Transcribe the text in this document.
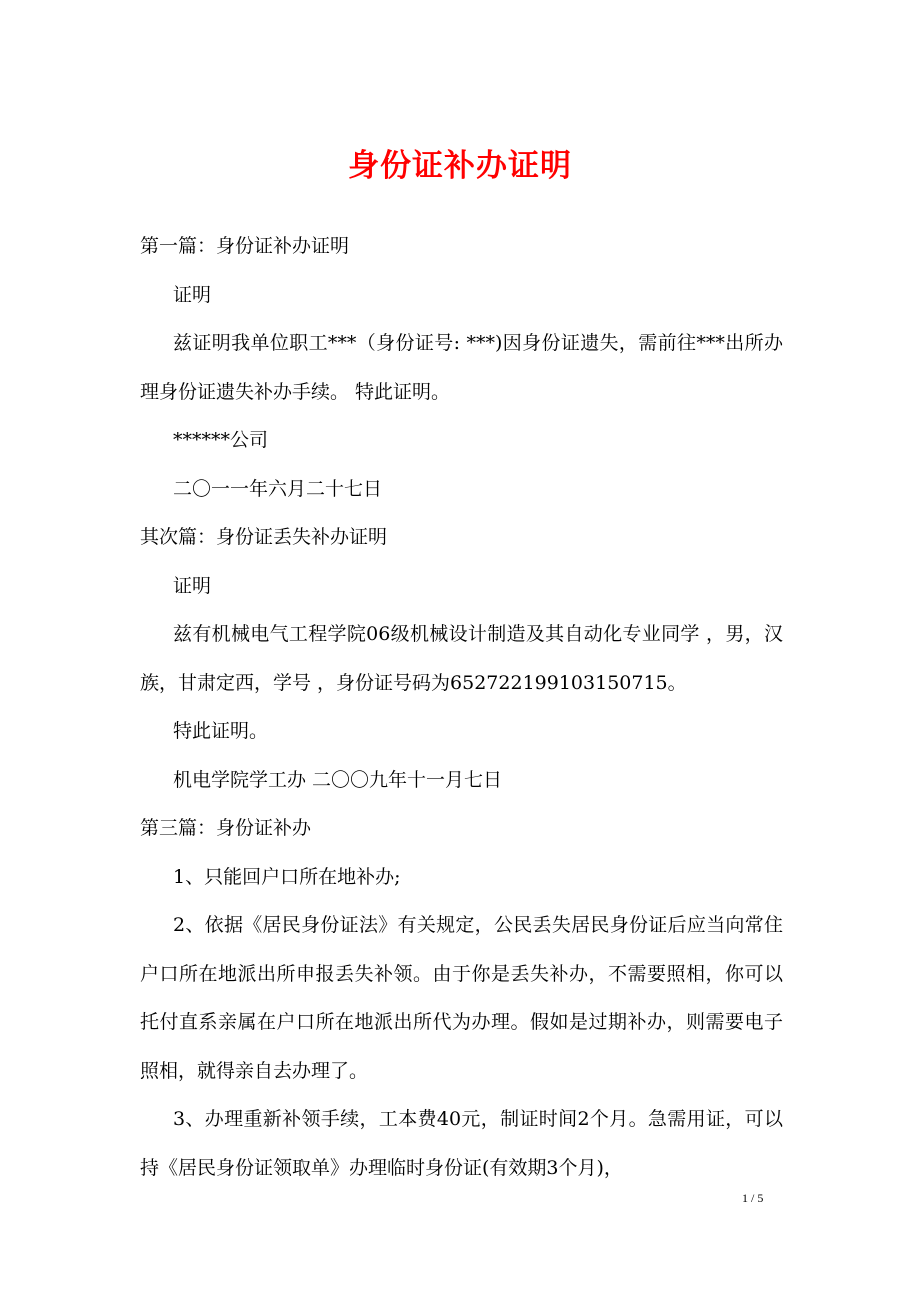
身份证补办证明

第一篇：身份证补办证明

证明

兹证明我单位职工***（身份证号: ***)因身份证遗失，需前往***出所办理身份证遗失补办手续。 特此证明。

******公司

二〇一一年六月二十七日

其次篇：身份证丢失补办证明

证明

兹有机械电气工程学院06级机械设计制造及其自动化专业同学 ，男，汉族，甘肃定西，学号 ，身份证号码为652722199103150715。

特此证明。

机电学院学工办 二〇〇九年十一月七日

第三篇：身份证补办

1、只能回户口所在地补办;

2、依据《居民身份证法》有关规定，公民丢失居民身份证后应当向常住户口所在地派出所申报丢失补领。由于你是丢失补办，不需要照相，你可以托付直系亲属在户口所在地派出所代为办理。假如是过期补办，则需要电子照相，就得亲自去办理了。

3、办理重新补领手续，工本费40元，制证时间2个月。急需用证，可以持《居民身份证领取单》办理临时身份证(有效期3个月)，

1 / 5
